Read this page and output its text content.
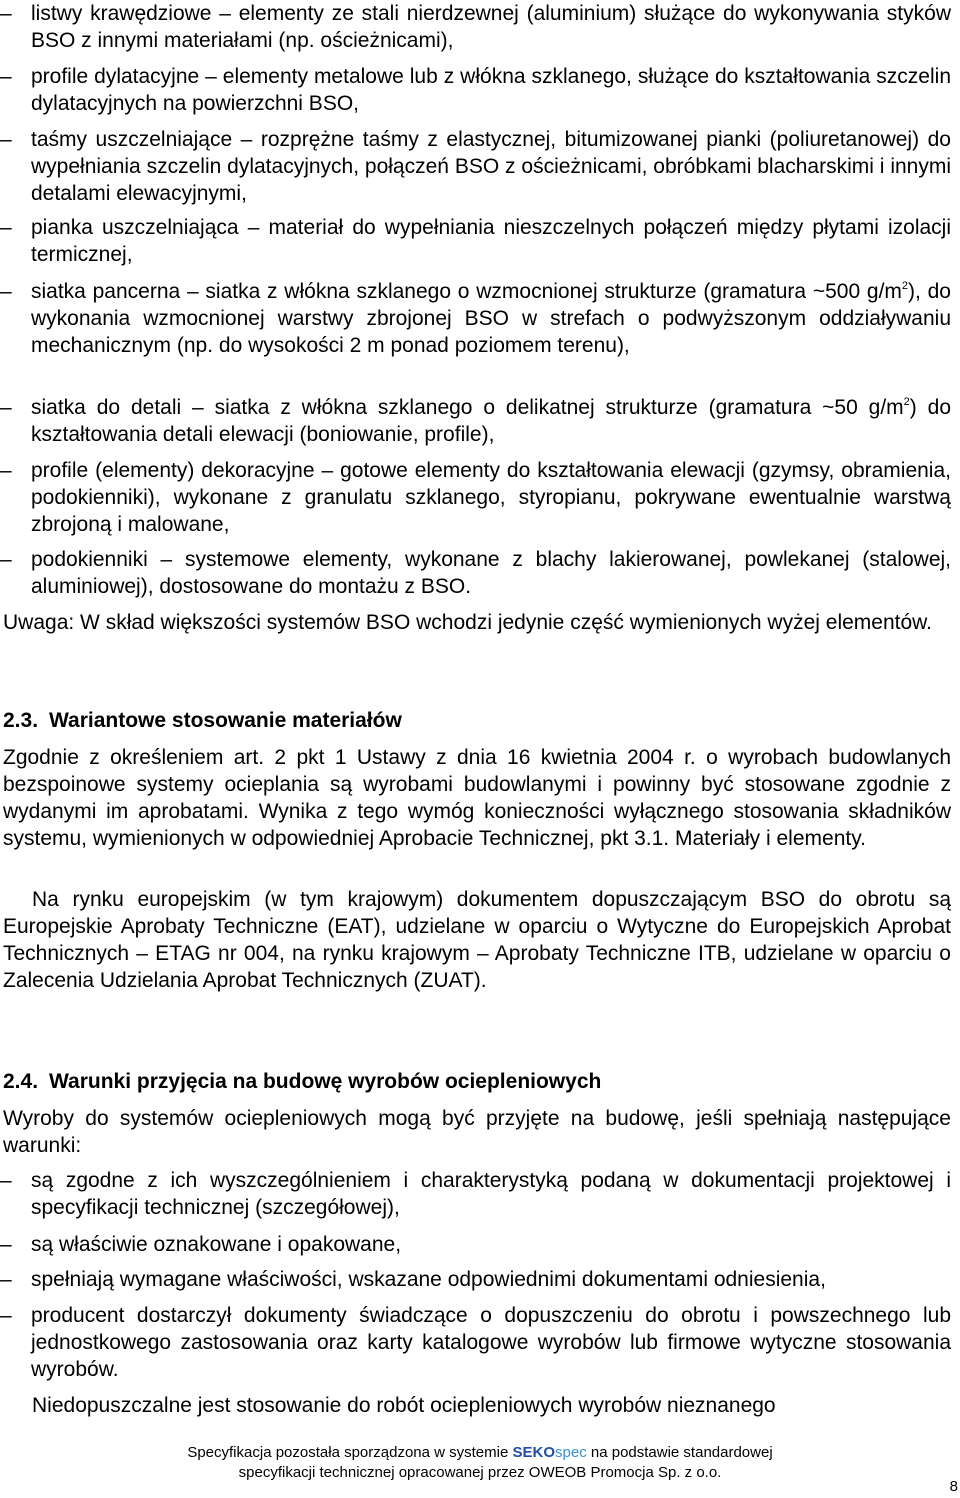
– listwy krawędziowe – elementy ze stali nierdzewnej (aluminium) służące do wykonywania styków BSO z innymi materiałami (np. ościeżnicami),
– profile dylatacyjne – elementy metalowe lub z włókna szklanego, służące do kształtowania szczelin dylatacyjnych na powierzchni BSO,
– taśmy uszczelniające – rozprężne taśmy z elastycznej, bitumizowanej pianki (poliuretanowej) do wypełniania szczelin dylatacyjnych, połączeń BSO z ościeżnicami, obróbkami blacharskimi i innymi detalami elewacyjnymi,
– pianka uszczelniająca – materiał do wypełniania nieszczelnych połączeń między płytami izolacji termicznej,
– siatka pancerna – siatka z włókna szklanego o wzmocnionej strukturze (gramatura ~500 $g/m^2$), do wykonania wzmocnionej warstwy zbrojonej BSO w strefach o podwyższonym oddziaływaniu mechanicznym (np. do wysokości 2 m ponad poziomem terenu),
– siatka do detali – siatka z włókna szklanego o delikatnej strukturze (gramatura ~50 $g/m^2$) do kształtowania detali elewacji (boniowanie, profile),
– profile (elementy) dekoracyjne – gotowe elementy do kształtowania elewacji (gzymsy, obramienia, podokienniki), wykonane z granulatu szklanego, styropianu, pokrywane ewentualnie warstwą zbrojoną i malowane,
– podokienniki – systemowe elementy, wykonane z blachy lakierowanej, powlekanej (stalowej, aluminiowej), dostosowane do montażu z BSO.
Uwaga: W skład większości systemów BSO wchodzi jedynie część wymienionych wyżej elementów.
2.3. Wariantowe stosowanie materiałów
Zgodnie z określeniem art. 2 pkt 1 Ustawy z dnia 16 kwietnia 2004 r. o wyrobach budowlanych bezspoinowe systemy ocieplania są wyrobami budowlanymi i powinny być stosowane zgodnie z wydanymi im aprobatami. Wynika z tego wymóg konieczności wyłącznego stosowania składników systemu, wymienionych w odpowiedniej Aprobacie Technicznej, pkt 3.1. Materiały i elementy.
Na rynku europejskim (w tym krajowym) dokumentem dopuszczającym BSO do obrotu są Europejskie Aprobaty Techniczne (EAT), udzielane w oparciu o Wytyczne do Europejskich Aprobat Technicznych – ETAG nr 004, na rynku krajowym – Aprobaty Techniczne ITB, udzielane w oparciu o Zalecenia Udzielania Aprobat Technicznych (ZUAT).
2.4. Warunki przyjęcia na budowę wyrobów ociepleniowych
Wyroby do systemów ociepleniowych mogą być przyjęte na budowę, jeśli spełniają następujące warunki:
– są zgodne z ich wyszczególnieniem i charakterystyką podaną w dokumentacji projektowej i specyfikacji technicznej (szczegółowej),
– są właściwie oznakowane i opakowane,
– spełniają wymagane właściwości, wskazane odpowiednimi dokumentami odniesienia,
– producent dostarczył dokumenty świadczące o dopuszczeniu do obrotu i powszechnego lub jednostkowego zastosowania oraz karty katalogowe wyrobów lub firmowe wytyczne stosowania wyrobów.
Niedopuszczalne jest stosowanie do robót ociepleniowych wyrobów nieznanego
Specyfikacja pozostała sporządzona w systemie SEKOspec na podstawie standardowej
specyfikacji technicznej opracowanej przez OWEOB Promocja Sp. z o.o.
8
